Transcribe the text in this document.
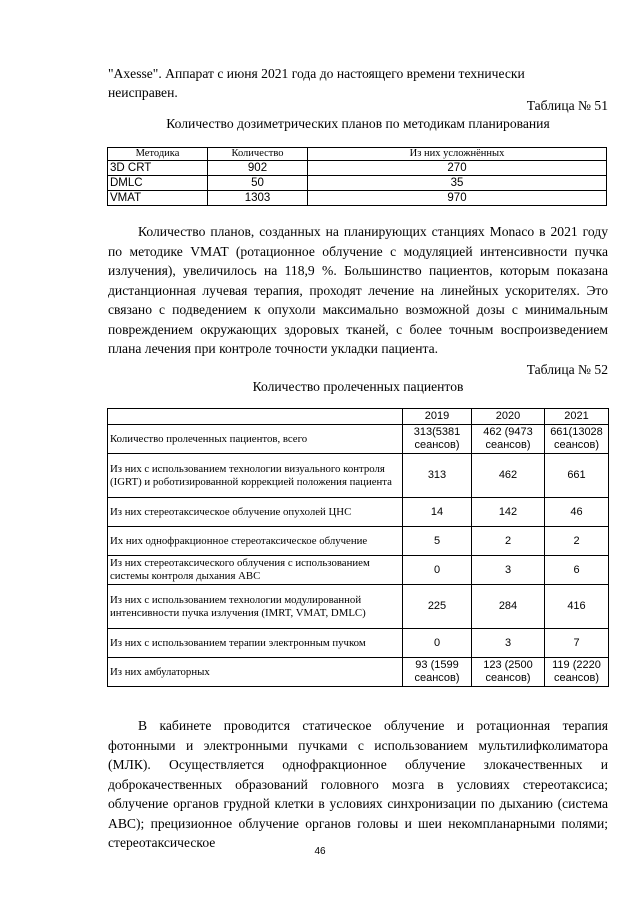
"Axesse". Аппарат с июня 2021 года до настоящего времени технически

неисправен.

Таблица № 51
Количество дозиметрических планов по методикам планирования
Методика	Количество	Из них усложнённых
3D CRT	902	270
DMLC	50	35
VMAT	1303	970

Количество планов, созданных на планирующих станциях Monaco в 2021 году по методике VMAT (ротационное облучение с модуляцией интенсивности пучка излучения), увеличилось на 118,9 %. Большинство пациентов, которым показана дистанционная лучевая терапия, проходят лечение на линейных ускорителях. Это связано с подведением к опухоли максимально возможной дозы с минимальным повреждением окружающих здоровых тканей, с более точным воспроизведением плана лечения при контроле точности укладки пациента.

Таблица № 52
Количество пролеченных пациентов
	2019	2020	2021
Количество пролеченных пациентов, всего	313(5381 сеансов)	462 (9473 сеансов)	661(13028 сеансов)
Из них с использованием технологии визуального контроля (IGRT) и роботизированной коррекцией положения пациента	313	462	661
Из них стереотаксическое облучение опухолей ЦНС	14	142	46
Их них однофракционное стереотаксическое облучение	5	2	2
Из них стереотаксического облучения с использованием системы контроля дыхания ABC	0	3	6
Из них с использованием технологии модулированной интенсивности пучка излучения (IMRT, VMAT, DMLC)	225	284	416
Из них с использованием терапии электронным пучком	0	3	7
Из них амбулаторных	93 (1599 сеансов)	123 (2500 сеансов)	119 (2220 сеансов)

В кабинете проводится статическое облучение и ротационная терапия фотонными и электронными пучками с использованием мультилифколиматора (МЛК). Осуществляется однофракционное облучение злокачественных и доброкачественных образований головного мозга в условиях стереотаксиса; облучение органов грудной клетки в условиях синхронизации по дыханию (система ABC); прецизионное облучение органов головы и шеи некомпланарными полями; стереотаксическое

46
